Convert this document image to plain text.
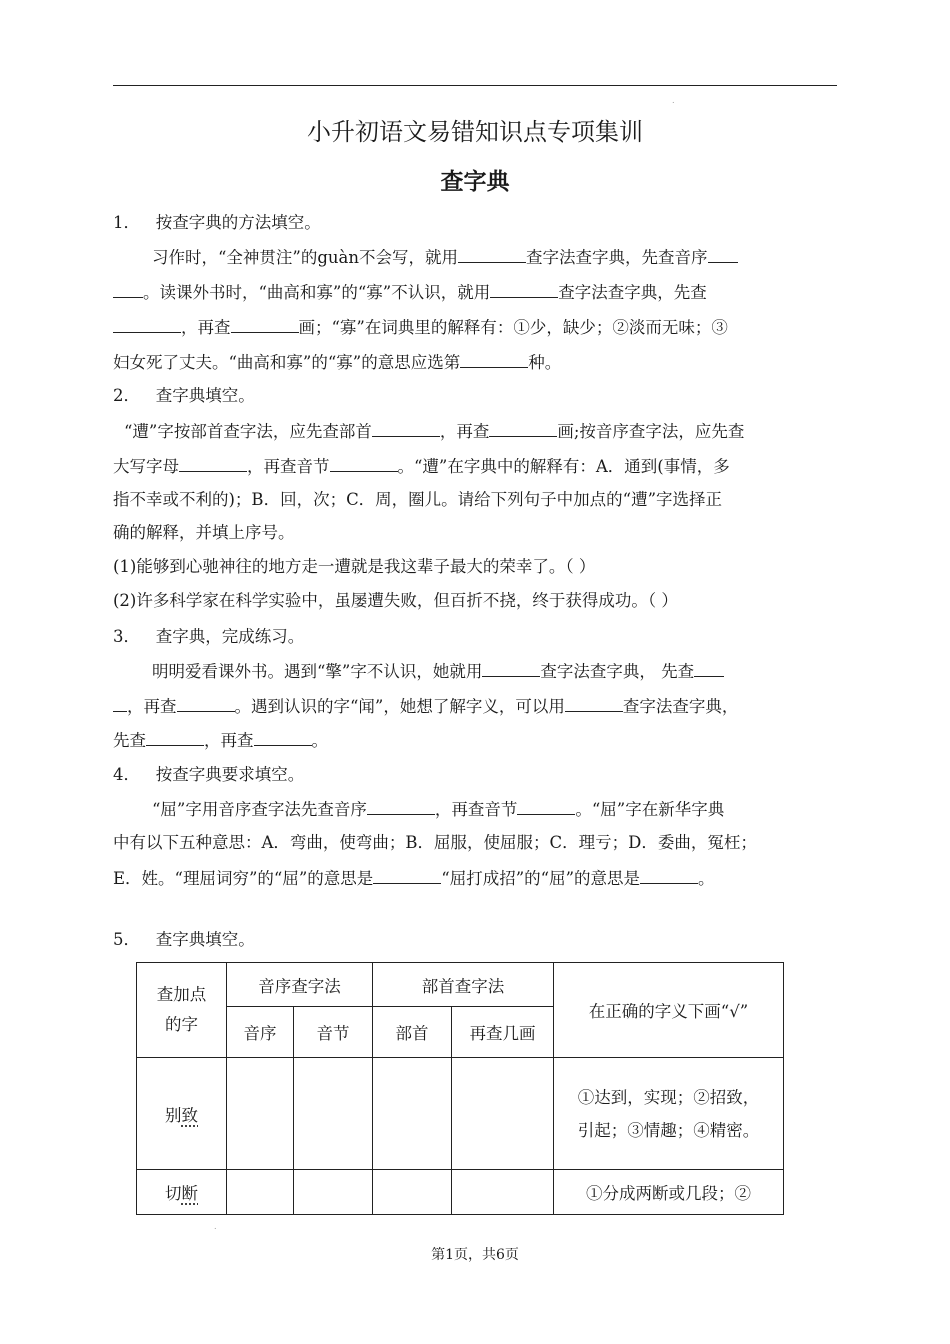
.
小升初语文易错知识点专项集训
查字典
1． 按查字典的方法填空。
习作时，“全神贯注”的guàn不会写，就用	查字法查字典，先查音序
。读课外书时，“曲高和寡”的“寡”不认识，就用	查字法查字典，先查
，再查	画；“寡”在词典里的解释有：①少，缺少；②淡而无味；③
妇女死了丈夫。“曲高和寡”的“寡”的意思应选第	种。
2． 查字典填空。
“遭”字按部首查字法，应先查部首	，再查	画;按音序查字法，应先查
大写字母	，再查音节	。“遭”在字典中的解释有：A．通到(事情，多
指不幸或不利的)；B．回，次；C．周，圈儿。请给下列句子中加点的“遭”字选择正
确的解释，并填上序号。
(1)能够到心驰神往的地方走一遭就是我这辈子最大的荣幸了。（ ）
(2)许多科学家在科学实验中，虽屡遭失败，但百折不挠，终于获得成功。（ ）
3． 查字典，完成练习。
明明爱看课外书。遇到“擎”字不认识，她就用	查字法查字典， 先查
，再查	。遇到认识的字“闻”，她想了解字义，可以用	查字法查字典，
先查	，再查	。
4． 按查字典要求填空。
“屈”字用音序查字法先查音序	，再查音节	。“屈”字在新华字典
中有以下五种意思：A．弯曲，使弯曲；B．屈服，使屈服；C．理亏；D．委曲，冤枉；
E．姓。“理屈词穷”的“屈”的意思是	“屈打成招”的“屈”的意思是	。
5． 查字典填空。
查加点的字	音序查字法		部首查字法		在正确的字义下画“√”
	音序	音节	部首	再查几画	
别致					①达到，实现；②招致，引起；③情趣；④精密。

切断					①分成两断或几段；②
.
第1页，共6页
